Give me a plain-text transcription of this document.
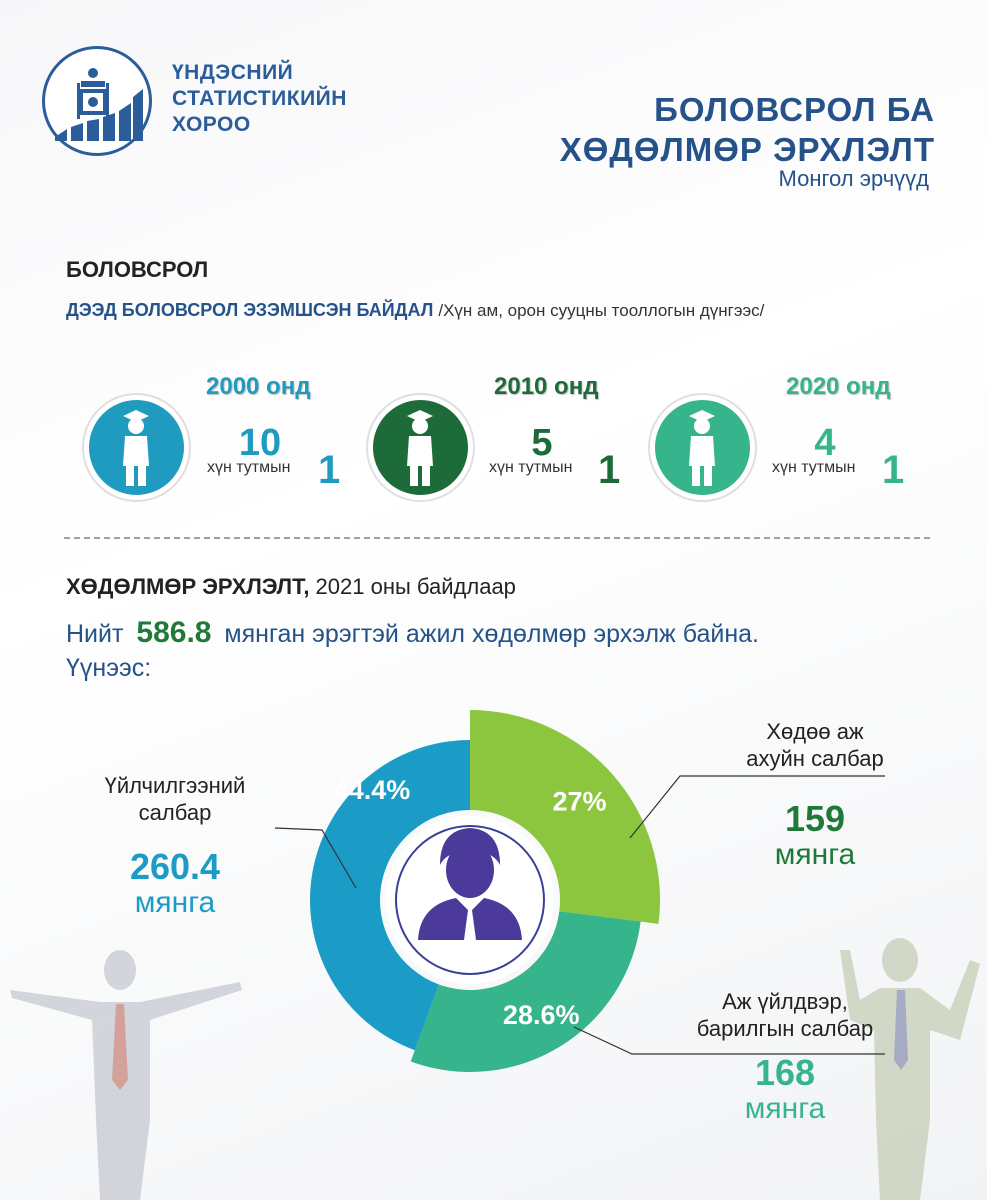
ҮНДЭСНИЙ
СТАТИСТИКИЙН
ХОРОО	БОЛОВСРОЛ БА
ХӨДӨЛМӨР ЭРХЛЭЛТ
Монгол эрчүүд
БОЛОВСРОЛ
ДЭЭД БОЛОВСРОЛ ЭЗЭМШСЭН БАЙДАЛ /Хүн ам, орон сууцны тооллогын дүнгээс/
2000 онд
10
хүн тутмын 1
2010 онд
5
хүн тутмын 1
2020 онд
4
хүн тутмын 1
ХӨДӨЛМӨР ЭРХЛЭЛТ, 2021 оны байдлаар
Нийт 586.8 мянган эрэгтэй ажил хөдөлмөр эрхэлж байна.
Үүнээс:
27%
28.6%
44.4%
Үйлчилгээний
салбар
260.4
мянга
Хөдөө аж
ахуйн салбар
159
мянга
Аж үйлдвэр,
барилгын салбар
168
мянга
